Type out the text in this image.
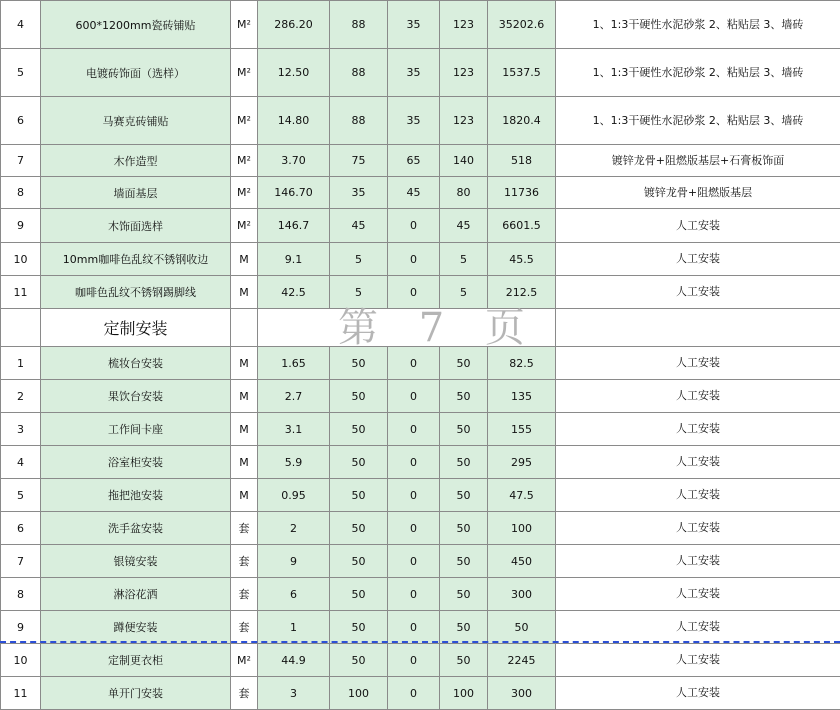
4	600*1200mm瓷砖铺贴	M²	286.20	88	35	123	35202.6	1、1:3干硬性水泥砂浆 2、粘贴层 3、墙砖
5	电镀砖饰面（选样）	M²	12.50	88	35	123	1537.5	1、1:3干硬性水泥砂浆 2、粘贴层 3、墙砖
6	马赛克砖铺贴	M²	14.80	88	35	123	1820.4	1、1:3干硬性水泥砂浆 2、粘贴层 3、墙砖
7	木作造型	M²	3.70	75	65	140	518	镀锌龙骨+阻燃版基层+石膏板饰面
8	墙面基层	M²	146.70	35	45	80	11736	镀锌龙骨+阻燃版基层
9	木饰面选样	M²	146.7	45	0	45	6601.5	人工安装
10	10mm咖啡色乱纹不锈钢收边	M	9.1	5	0	5	45.5	人工安装
11	咖啡色乱纹不锈钢踢脚线	M	42.5	5	0	5	212.5	人工安装
	定制安装							
1	梳妆台安装	M	1.65	50	0	50	82.5	人工安装
2	果饮台安装	M	2.7	50	0	50	135	人工安装
3	工作间卡座	M	3.1	50	0	50	155	人工安装
4	浴室柜安装	M	5.9	50	0	50	295	人工安装
5	拖把池安装	M	0.95	50	0	50	47.5	人工安装
6	洗手盆安装	套	2	50	0	50	100	人工安装
7	银镜安装	套	9	50	0	50	450	人工安装
8	淋浴花洒	套	6	50	0	50	300	人工安装
9	蹲便安装	套	1	50	0	50	50	人工安装
10	定制更衣柜	M²	44.9	50	0	50	2245	人工安装
11	单开门安装	套	3	100	0	100	300	人工安装
第 7 页
